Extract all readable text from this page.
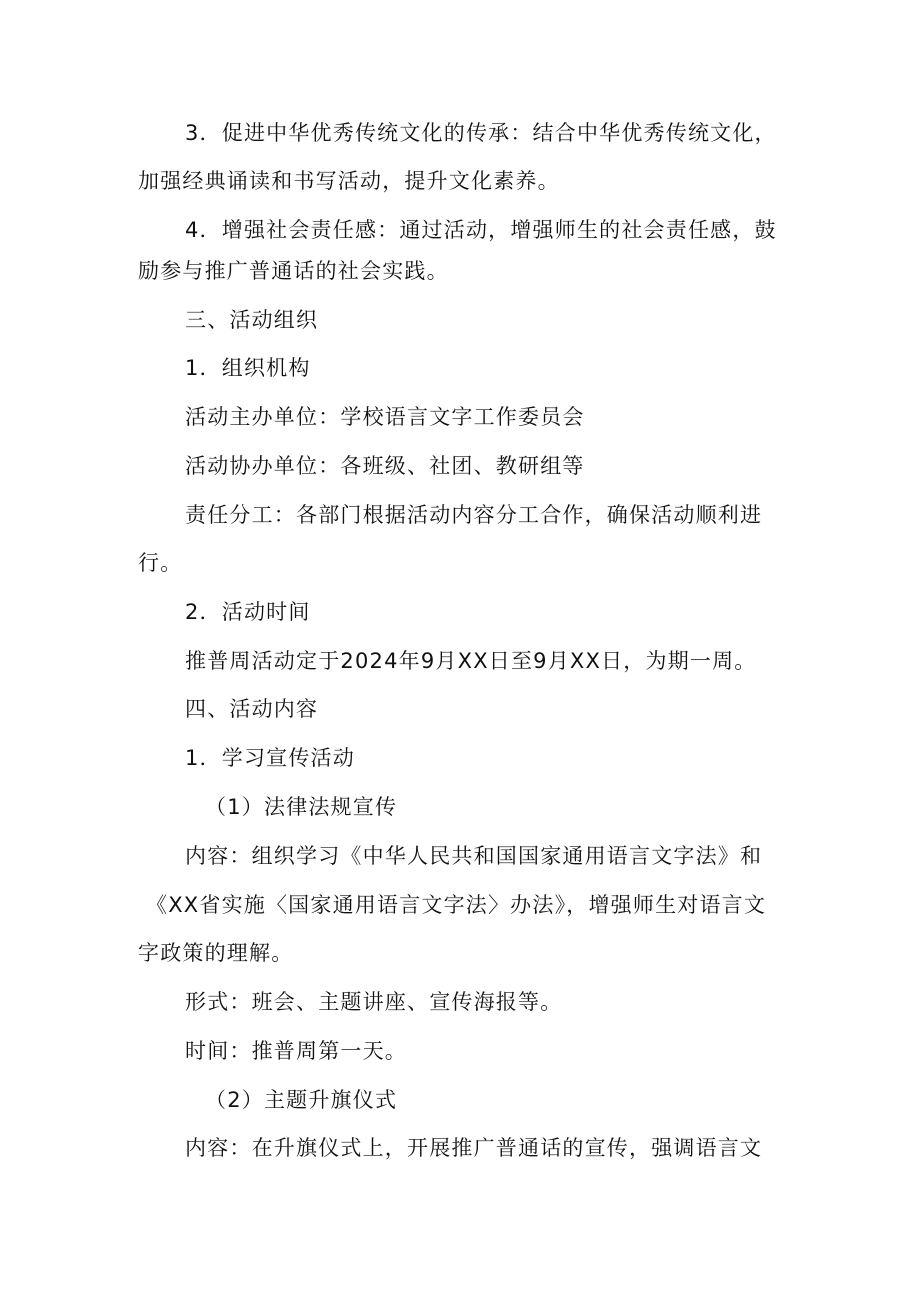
3．促进中华优秀传统文化的传承：结合中华优秀传统文化，
加强经典诵读和书写活动，提升文化素养。
4．增强社会责任感：通过活动，增强师生的社会责任感，鼓
励参与推广普通话的社会实践。
三、活动组织
1．组织机构
活动主办单位：学校语言文字工作委员会
活动协办单位：各班级、社团、教研组等
责任分工：各部门根据活动内容分工合作，确保活动顺利进
行。
2．活动时间
推普周活动定于2024年9月XX日至9月XX日，为期一周。
四、活动内容
1．学习宣传活动
（1）法律法规宣传
内容：组织学习《中华人民共和国国家通用语言文字法》和
《XX省实施〈国家通用语言文字法〉办法》，增强师生对语言文
字政策的理解。
形式：班会、主题讲座、宣传海报等。
时间：推普周第一天。
（2）主题升旗仪式
内容：在升旗仪式上，开展推广普通话的宣传，强调语言文
